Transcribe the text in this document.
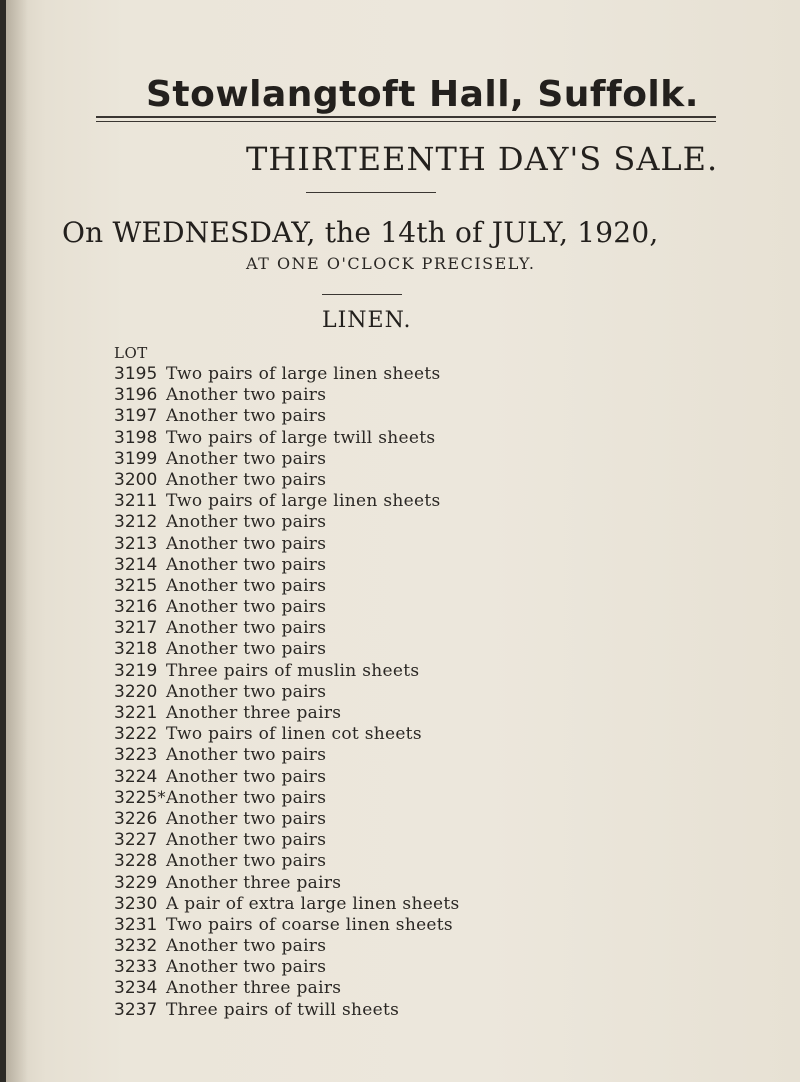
Stowlangtoft Hall, Suffolk.
THIRTEENTH DAY'S SALE.
On WEDNESDAY, the 14th of JULY, 1920,
AT ONE O'CLOCK PRECISELY.
LINEN.
LOT
3195 Two pairs of large linen sheets
3196 Another two pairs
3197 Another two pairs
3198 Two pairs of large twill sheets
3199 Another two pairs
3200 Another two pairs
3211 Two pairs of large linen sheets
3212 Another two pairs
3213 Another two pairs
3214 Another two pairs
3215 Another two pairs
3216 Another two pairs
3217 Another two pairs
3218 Another two pairs
3219 Three pairs of muslin sheets
3220 Another two pairs
3221 Another three pairs
3222 Two pairs of linen cot sheets
3223 Another two pairs
3224 Another two pairs
3225* Another two pairs
3226 Another two pairs
3227 Another two pairs
3228 Another two pairs
3229 Another three pairs
3230 A pair of extra large linen sheets
3231 Two pairs of coarse linen sheets
3232 Another two pairs
3233 Another two pairs
3234 Another three pairs
3237 Three pairs of twill sheets
